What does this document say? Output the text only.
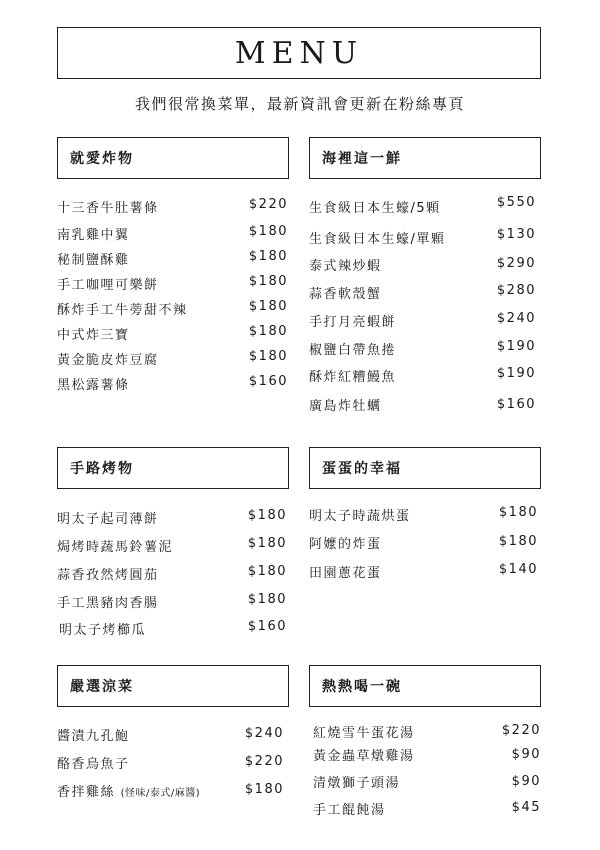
MENU
我們很常換菜單，最新資訊會更新在粉絲專頁
就愛炸物
十三香牛肚薯條	$220
南乳雞中翼	$180
秘制鹽酥雞	$180
手工咖哩可樂餅	$180
酥炸手工牛蒡甜不辣	$180
中式炸三寶	$180
黃金脆皮炸豆腐	$180
黑松露薯條	$160
海裡這一鮮
生食級日本生蠔/5顆	$550
生食級日本生蠔/單顆	$130
泰式辣炒蝦	$290
蒜香軟殼蟹	$280
手打月亮蝦餅	$240
椒鹽白帶魚捲	$190
酥炸紅糟鰻魚	$190
廣島炸牡蠣	$160
手路烤物
明太子起司薄餅	$180
焗烤時蔬馬鈴薯泥	$180
蒜香孜然烤圓茄	$180
手工黑豬肉香腸	$180
明太子烤櫛瓜	$160
蛋蛋的幸福
明太子時蔬烘蛋	$180
阿嬤的炸蛋	$180
田園蔥花蛋	$140
嚴選涼菜
醬漬九孔鮑	$240
酪香烏魚子	$220
香拌雞絲 (怪味/泰式/麻醬)	$180
熱熱喝一碗
紅燒雪牛蛋花湯	$220
黃金蟲草燉雞湯	$90
清燉獅子頭湯	$90
手工餛飩湯	$45
